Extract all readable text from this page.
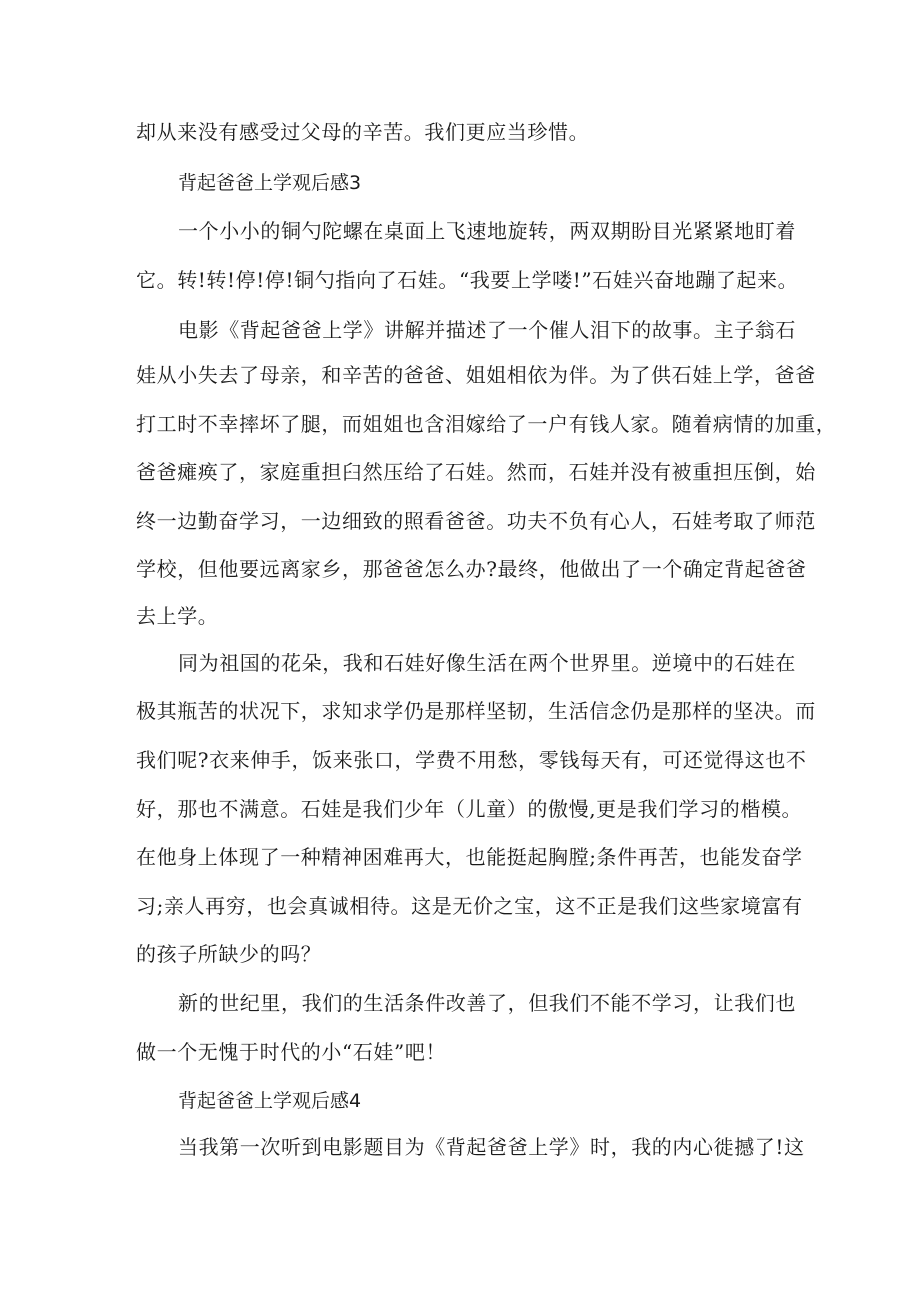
却从来没有感受过父母的辛苦。我们更应当珍惜。
背起爸爸上学观后感3
一个小小的铜勺陀螺在桌面上飞速地旋转，两双期盼目光紧紧地盯着
它。转!转!停!停!铜勺指向了石娃。“我要上学喽!”石娃兴奋地蹦了起来。
电影《背起爸爸上学》讲解并描述了一个催人泪下的故事。主子翁石
娃从小失去了母亲，和辛苦的爸爸、姐姐相依为伴。为了供石娃上学，爸爸
打工时不幸摔坏了腿，而姐姐也含泪嫁给了一户有钱人家。随着病情的加重，
爸爸瘫痪了，家庭重担臼然压给了石娃。然而，石娃并没有被重担压倒，始
终一边勤奋学习，一边细致的照看爸爸。功夫不负有心人，石娃考取了师范
学校，但他要远离家乡，那爸爸怎么办?最终，他做出了一个确定背起爸爸
去上学。
同为祖国的花朵，我和石娃好像生活在两个世界里。逆境中的石娃在
极其瓶苦的状况下，求知求学仍是那样坚韧，生活信念仍是那样的坚决。而
我们呢?衣来伸手，饭来张口，学费不用愁，零钱每天有，可还觉得这也不
好，那也不满意。石娃是我们少年（儿童）的傲慢,更是我们学习的楷模。
在他身上体现了一种精神困难再大，也能挺起胸膛;条件再苦，也能发奋学
习;亲人再穷，也会真诚相待。这是无价之宝，这不正是我们这些家境富有
的孩子所缺少的吗？
新的世纪里，我们的生活条件改善了，但我们不能不学习，让我们也
做一个无愧于时代的小“石娃”吧！
背起爸爸上学观后感4
当我第一次听到电影题目为《背起爸爸上学》时，我的内心徙撼了!这
